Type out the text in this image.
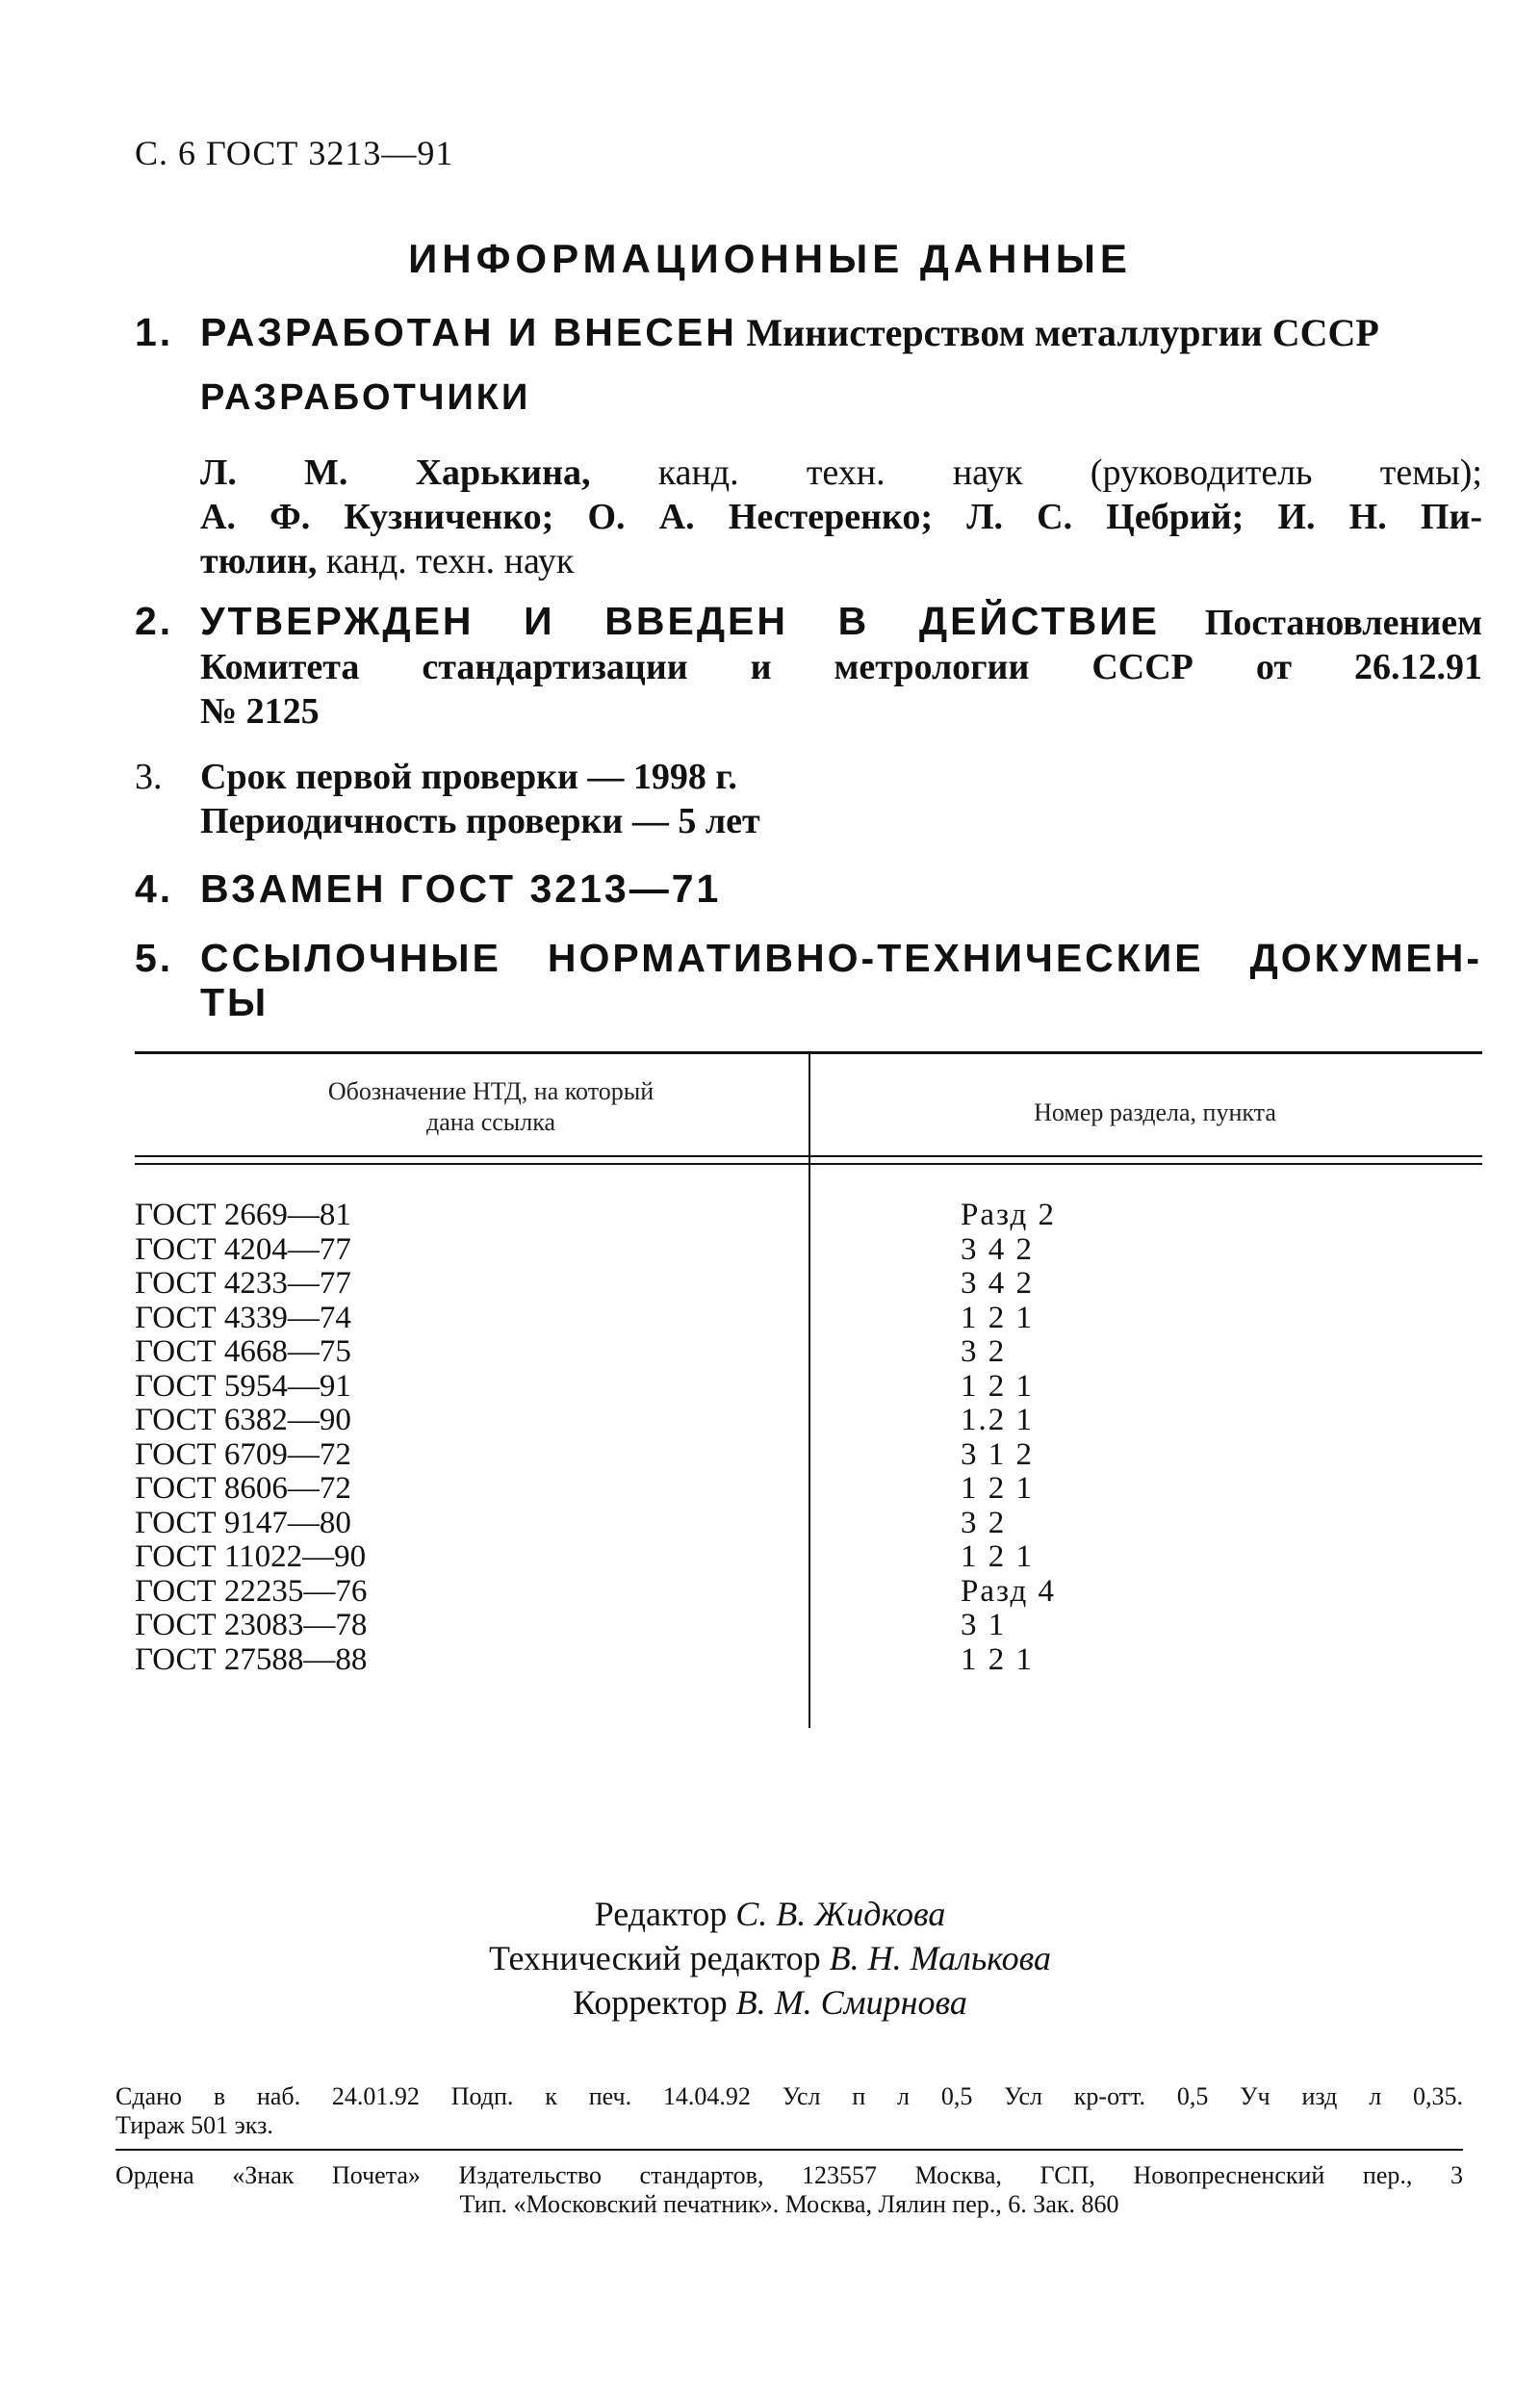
С. 6 ГОСТ 3213—91
ИНФОРМАЦИОННЫЕ ДАННЫЕ
1. РАЗРАБОТАН И ВНЕСЕН Министерством металлургии СССР
РАЗРАБОТЧИКИ
Л. М. Харькина, канд. техн. наук (руководитель темы);
А. Ф. Кузниченко; О. А. Нестеренко; Л. С. Цебрий; И. Н. Пи-
тюлин, канд. техн. наук
2. УТВЕРЖДЕН И ВВЕДЕН В ДЕЙСТВИЕ Постановлением
Комитета стандартизации и метрологии СССР от 26.12.91
№ 2125
3. Срок первой проверки — 1998 г.
Периодичность проверки — 5 лет
4. ВЗАМЕН ГОСТ 3213—71
5. ССЫЛОЧНЫЕ НОРМАТИВНО-ТЕХНИЧЕСКИЕ ДОКУМЕН-
ТЫ
Обозначение НТД, на который
дана ссылка	Номер раздела, пункта
ГОСТ 2669—81	Разд 2
ГОСТ 4204—77	3 4 2
ГОСТ 4233—77	3 4 2
ГОСТ 4339—74	1 2 1
ГОСТ 4668—75	3 2
ГОСТ 5954—91	1 2 1
ГОСТ 6382—90	1.2 1
ГОСТ 6709—72	3 1 2
ГОСТ 8606—72	1 2 1
ГОСТ 9147—80	3 2
ГОСТ 11022—90	1 2 1
ГОСТ 22235—76	Разд 4
ГОСТ 23083—78	3 1
ГОСТ 27588—88	1 2 1
Редактор С. В. Жидкова
Технический редактор В. Н. Малькова
Корректор В. М. Смирнова
Сдано в наб. 24.01.92 Подп. к печ. 14.04.92 Усл п л 0,5 Усл кр-отт. 0,5 Уч изд л 0,35.
Тираж 501 экз.
Ордена «Знак Почета» Издательство стандартов, 123557 Москва, ГСП, Новопресненский пер., 3
Тип. «Московский печатник». Москва, Лялин пер., 6. Зак. 860
